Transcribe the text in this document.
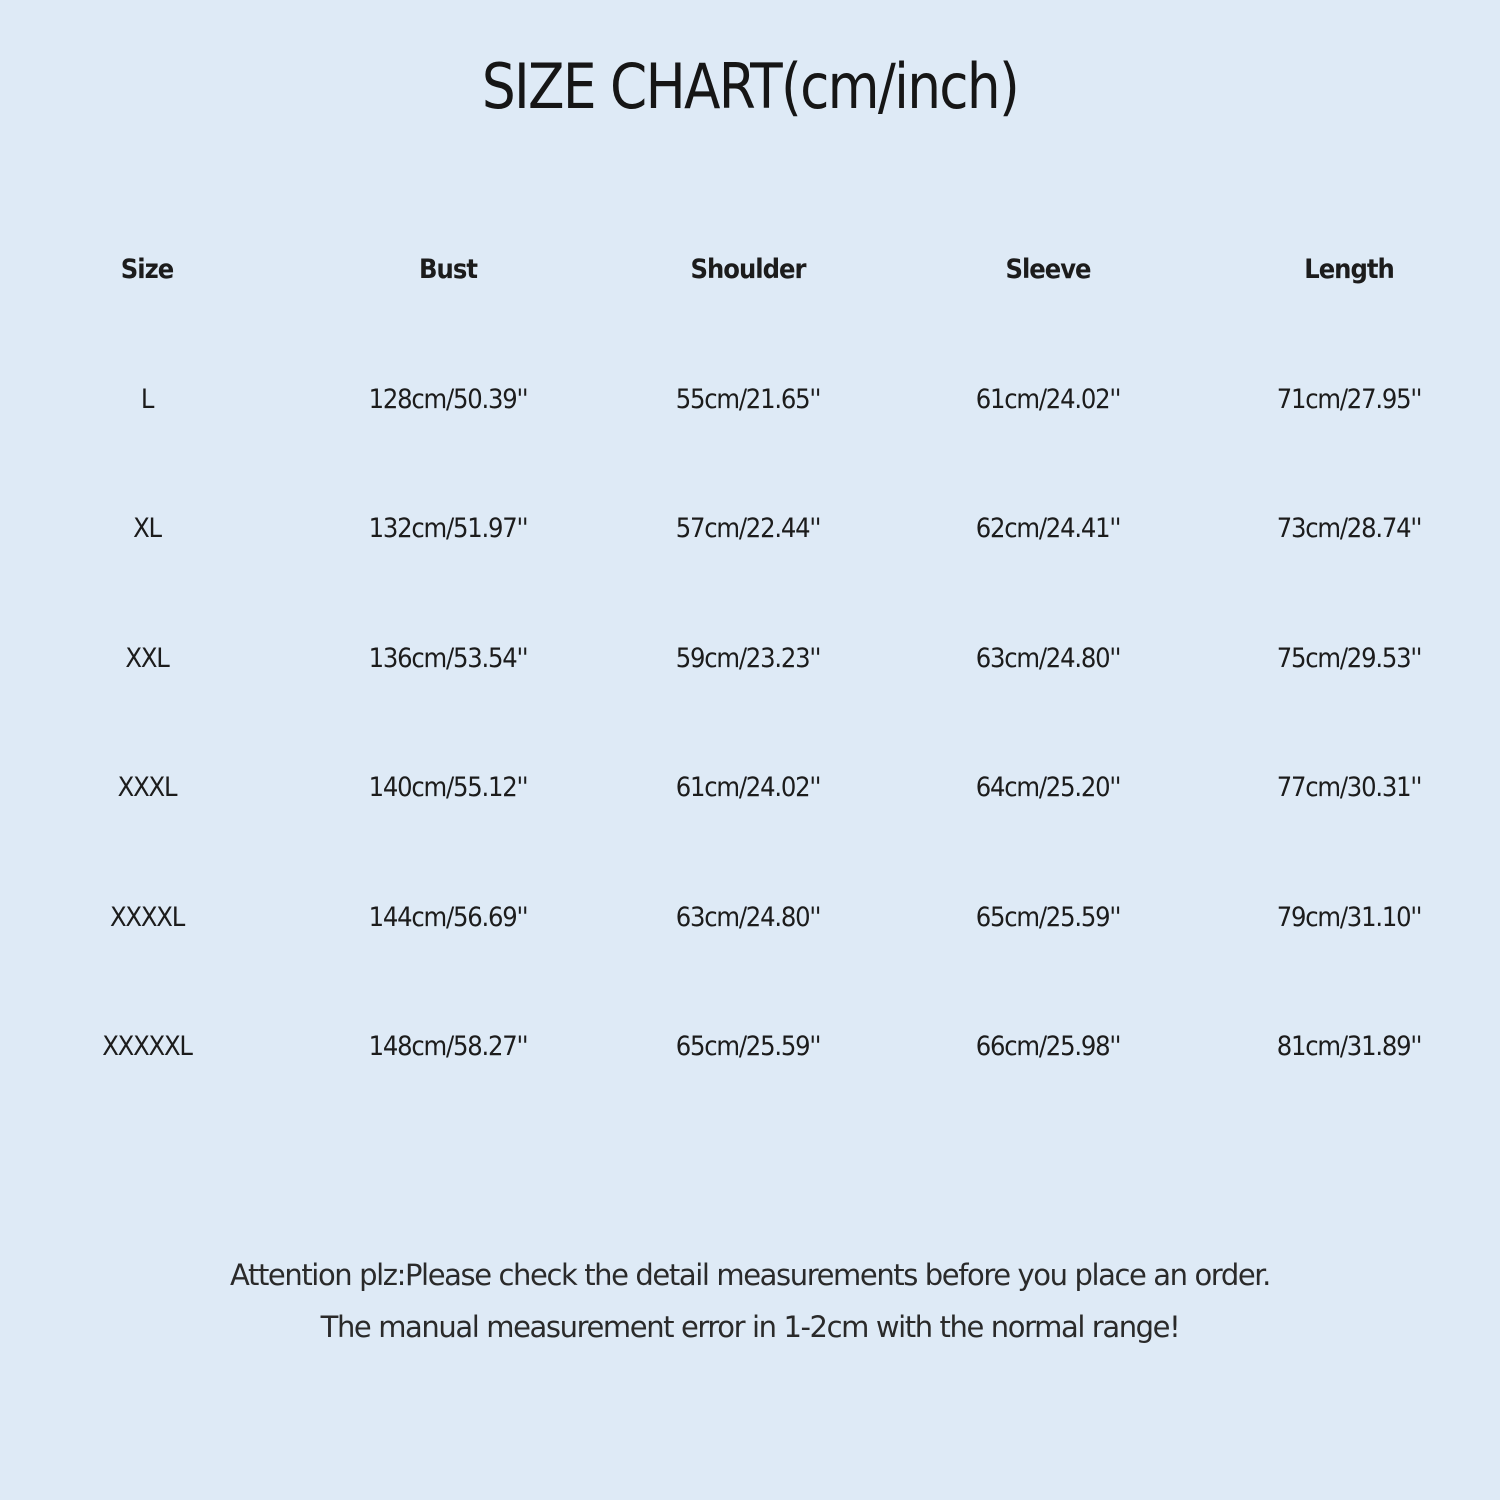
SIZE CHART(cm/inch)
Size	Bust	Shoulder	Sleeve	Length
L	128cm/50.39''	55cm/21.65''	61cm/24.02''	71cm/27.95''
XL	132cm/51.97''	57cm/22.44''	62cm/24.41''	73cm/28.74''
XXL	136cm/53.54''	59cm/23.23''	63cm/24.80''	75cm/29.53''
XXXL	140cm/55.12''	61cm/24.02''	64cm/25.20''	77cm/30.31''
XXXXL	144cm/56.69''	63cm/24.80''	65cm/25.59''	79cm/31.10''
XXXXXL	148cm/58.27''	65cm/25.59''	66cm/25.98''	81cm/31.89''
Attention plz:Please check the detail measurements before you place an order.
The manual measurement error in 1-2cm with the normal range!
